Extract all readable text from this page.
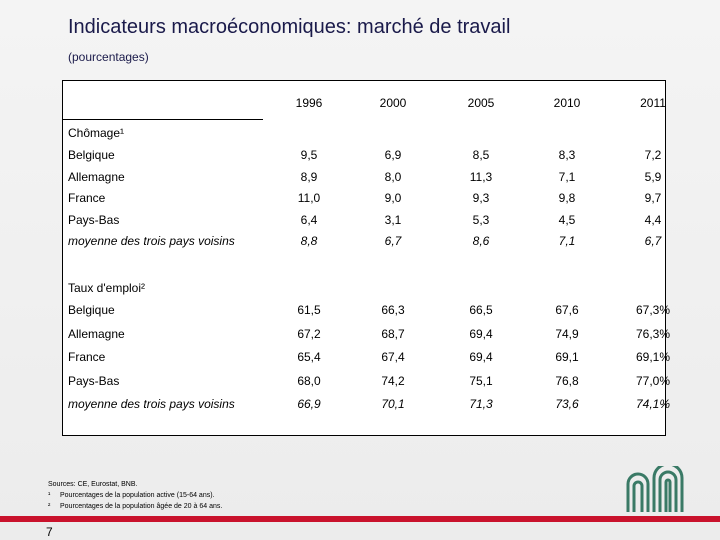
Indicateurs macroéconomiques: marché de travail
(pourcentages)
1996	2000	2005	2010	2011
Chômage¹
Belgique	9,5	6,9	8,5	8,3	7,2
Allemagne	8,9	8,0	11,3	7,1	5,9
France	11,0	9,0	9,3	9,8	9,7
Pays-Bas	6,4	3,1	5,3	4,5	4,4
moyenne des trois pays voisins	8,8	6,7	8,6	7,1	6,7
Taux d'emploi²
Belgique	61,5	66,3	66,5	67,6	67,3%
Allemagne	67,2	68,7	69,4	74,9	76,3%
France	65,4	67,4	69,4	69,1	69,1%
Pays-Bas	68,0	74,2	75,1	76,8	77,0%
moyenne des trois pays voisins	66,9	70,1	71,3	73,6	74,1%
Sources: CE, Eurostat, BNB.
¹ Pourcentages de la population active (15-64 ans).
² Pourcentages de la population âgée de 20 à 64 ans.
7
